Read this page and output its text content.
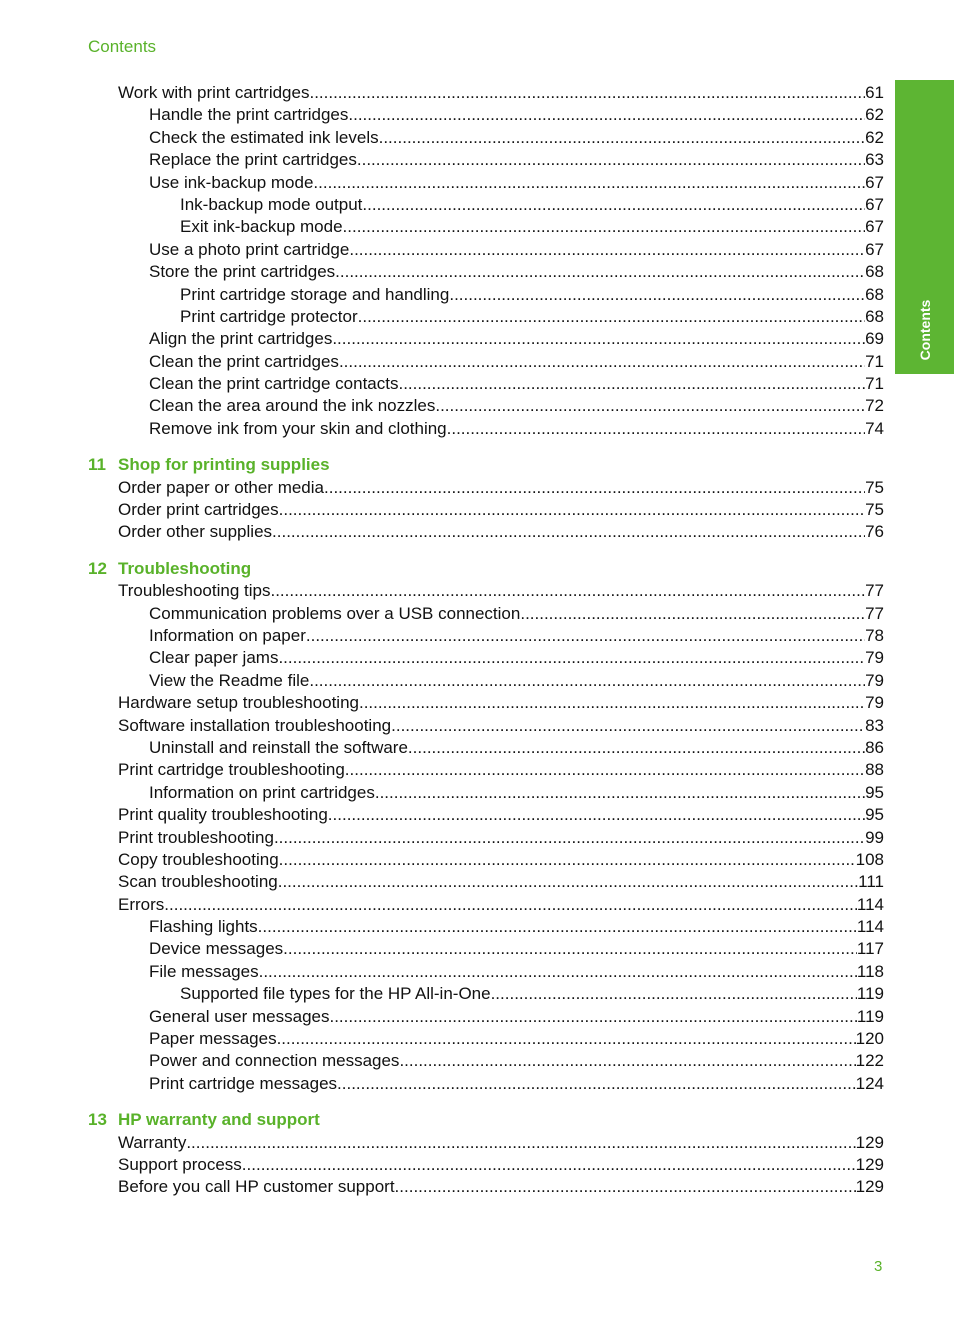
Contents
Contents
Work with print cartridges .....	61
Handle the print cartridges .....	62
Check the estimated ink levels .....	62
Replace the print cartridges .....	63
Use ink-backup mode .....	67
Ink-backup mode output .....	67
Exit ink-backup mode .....	67
Use a photo print cartridge .....	67
Store the print cartridges .....	68
Print cartridge storage and handling .....	68
Print cartridge protector .....	68
Align the print cartridges .....	69
Clean the print cartridges .....	71
Clean the print cartridge contacts .....	71
Clean the area around the ink nozzles .....	72
Remove ink from your skin and clothing .....	74
11 Shop for printing supplies
Order paper or other media .....	75
Order print cartridges .....	75
Order other supplies .....	76
12 Troubleshooting
Troubleshooting tips .....	77
Communication problems over a USB connection .....	77
Information on paper .....	78
Clear paper jams .....	79
View the Readme file .....	79
Hardware setup troubleshooting .....	79
Software installation troubleshooting .....	83
Uninstall and reinstall the software .....	86
Print cartridge troubleshooting .....	88
Information on print cartridges .....	95
Print quality troubleshooting .....	95
Print troubleshooting .....	99
Copy troubleshooting .....	108
Scan troubleshooting .....	111
Errors .....	114
Flashing lights .....	114
Device messages .....	117
File messages .....	118
Supported file types for the HP All-in-One .....	119
General user messages .....	119
Paper messages .....	120
Power and connection messages .....	122
Print cartridge messages .....	124
13 HP warranty and support
Warranty .....	129
Support process .....	129
Before you call HP customer support .....	129
3
